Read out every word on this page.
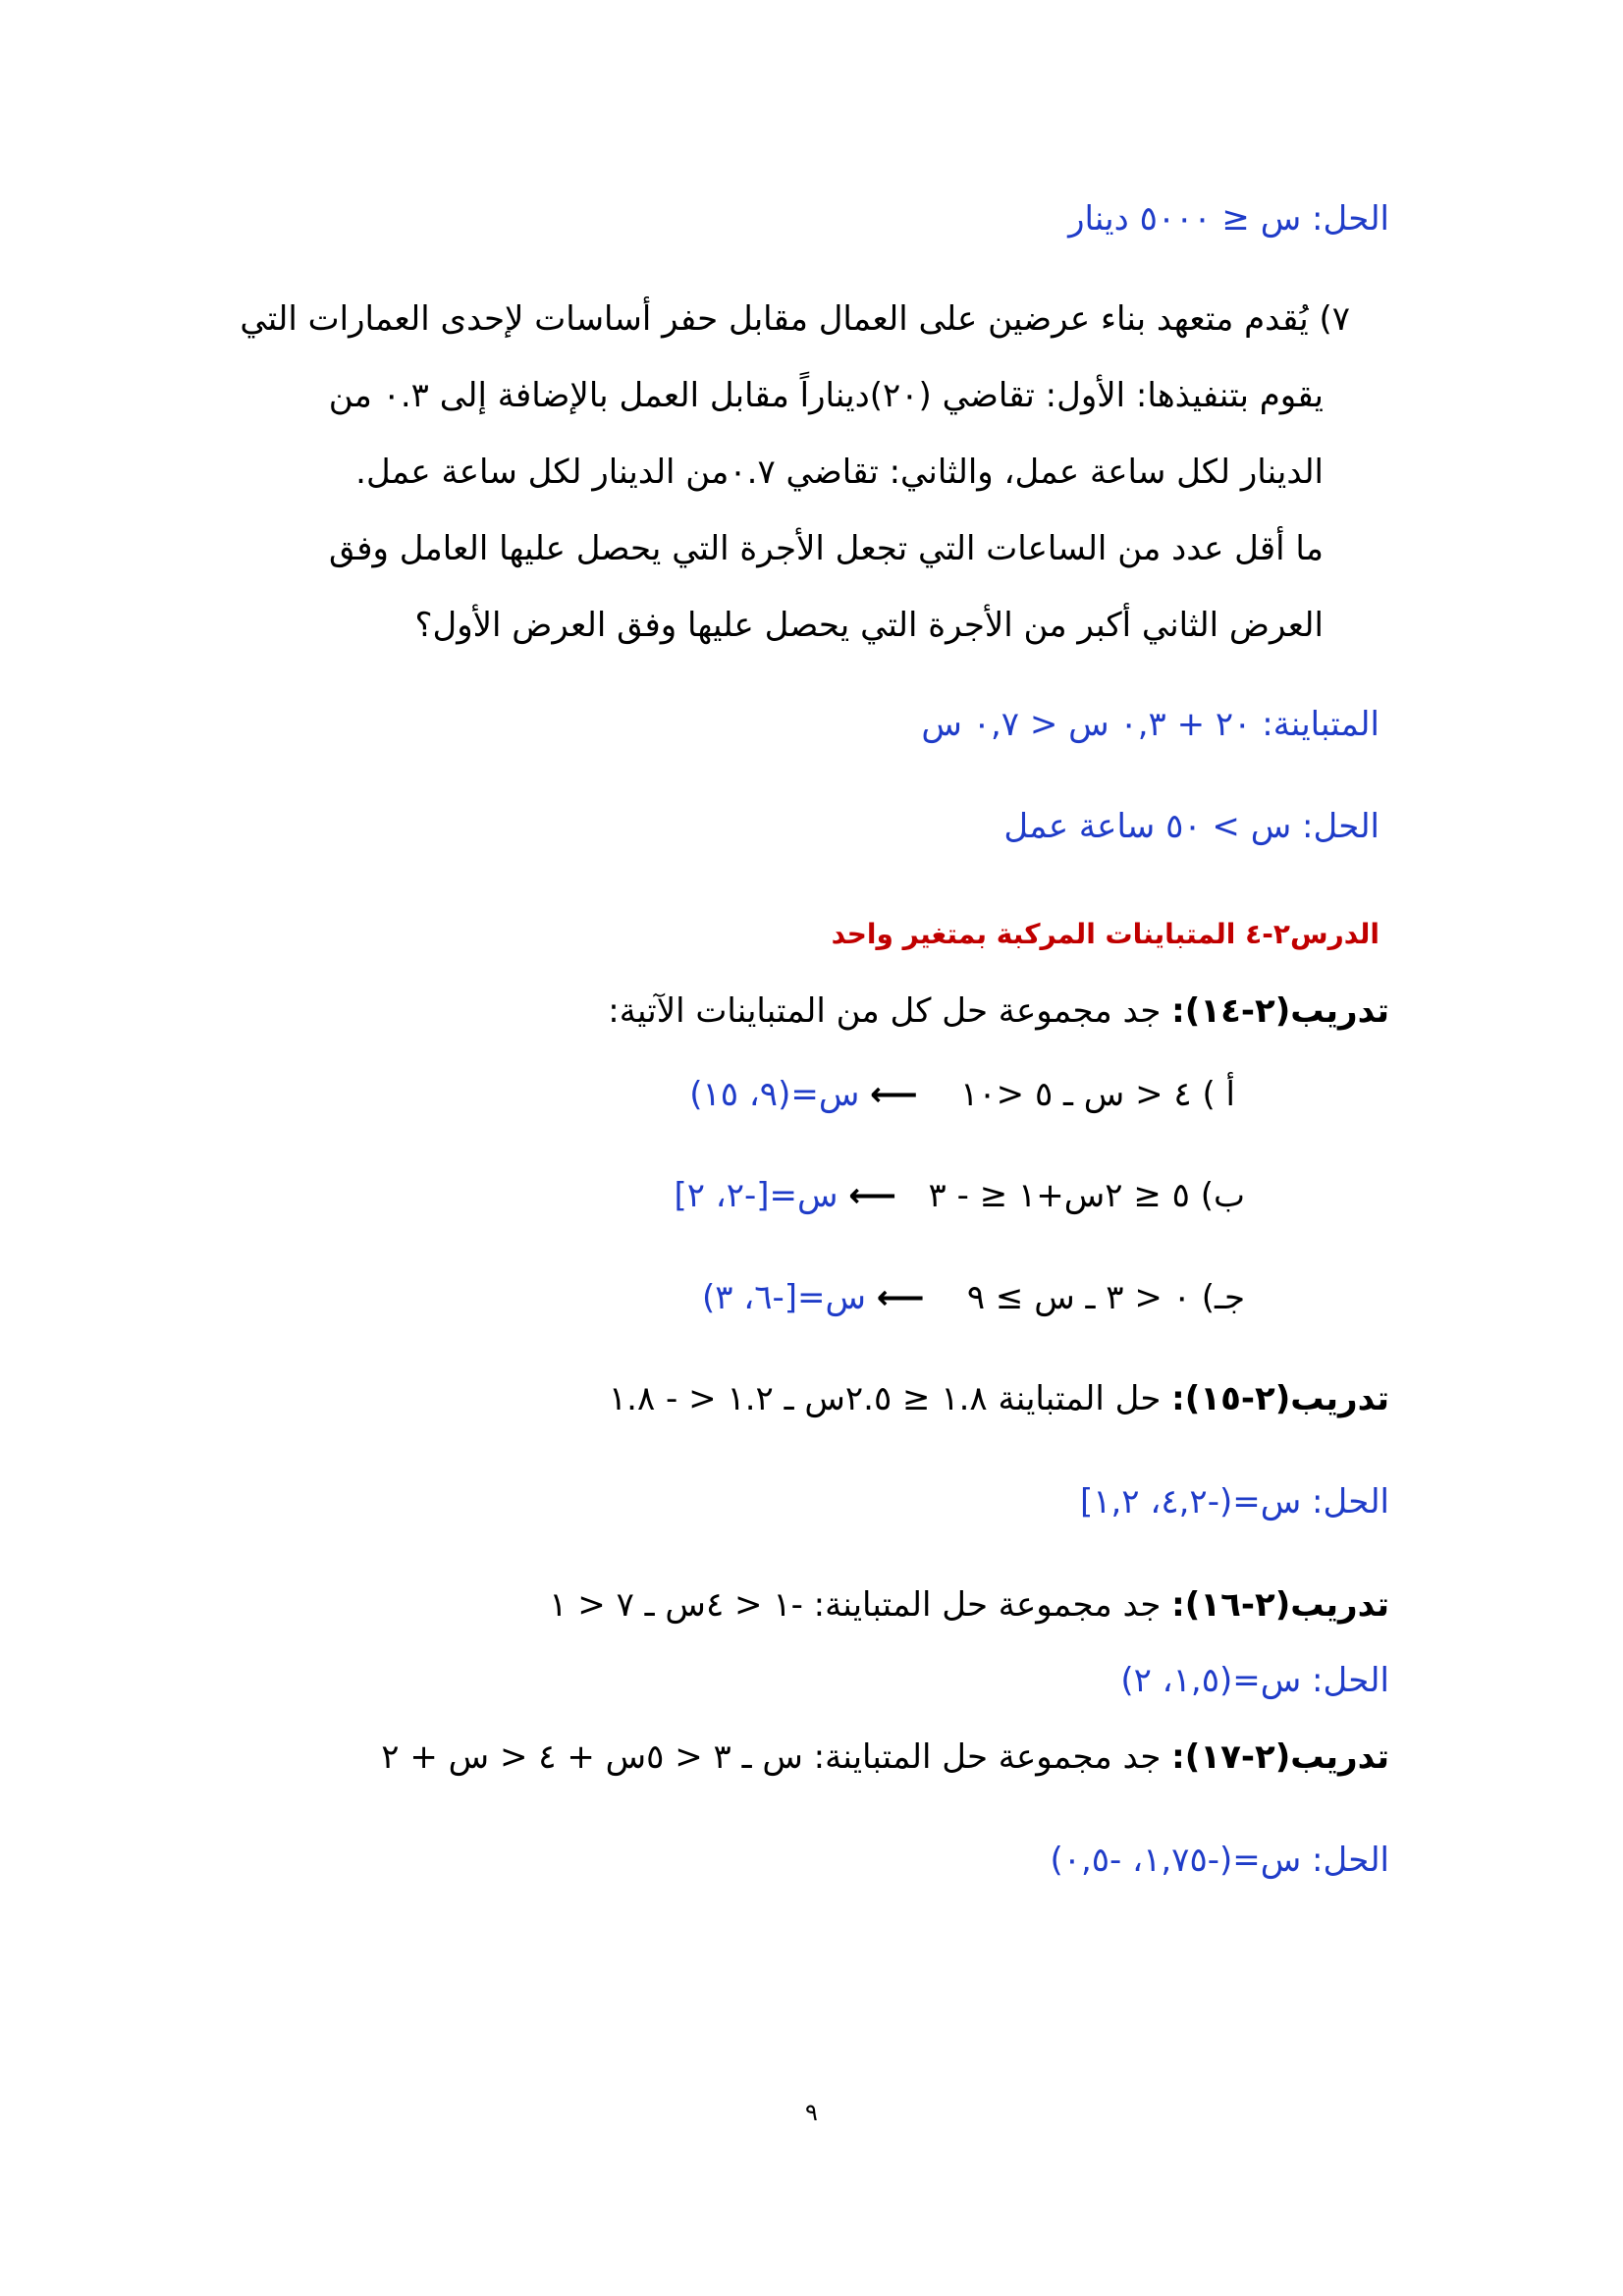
الحل: س ≤ ٥٠٠٠ دينار
٧) يُقدم متعهد بناء عرضين على العمال مقابل حفر أساسات لإحدى العمارات التي
يقوم بتنفيذها: الأول: تقاضي (٢٠)ديناراً مقابل العمل بالإضافة إلى ٠.٣ من
الدينار لكل ساعة عمل، والثاني: تقاضي ٠.٧من الدينار لكل ساعة عمل.
ما أقل عدد من الساعات التي تجعل الأجرة التي يحصل عليها العامل وفق
العرض الثاني أكبر من الأجرة التي يحصل عليها وفق العرض الأول؟
المتباينة: ٢٠ + ٠,٣ س < ٠,٧ س
الحل: س > ٥٠ ساعة عمل
الدرس٢-٤ المتباينات المركبة بمتغير واحد
تدريب(٢-١٤): جد مجموعة حل كل من المتباينات الآتية:
أ ) ٤ < س ـ ٥ <١٠    ⟵ س=(٩، ١٥)
ب) ٥ ≤ ٢س+١ ≤ - ٣   ⟵ س=[-٢، ٢]
جـ) ٠ < ٣ ـ س ≥ ٩    ⟵ س=[-٦، ٣)
تدريب(٢-١٥): حل المتباينة ١.٨ ≤ ٢.٥س ـ ١.٢ < - ١.٨
الحل: س=(-٤,٢، ١,٢]
تدريب(٢-١٦): جد مجموعة حل المتباينة: -١ < ٤س ـ ٧ < ١
الحل: س=(١,٥، ٢)
تدريب(٢-١٧): جد مجموعة حل المتباينة: س ـ ٣ < ٥س + ٤ < س + ٢
الحل: س=(-١,٧٥، -٠,٥)
٩
